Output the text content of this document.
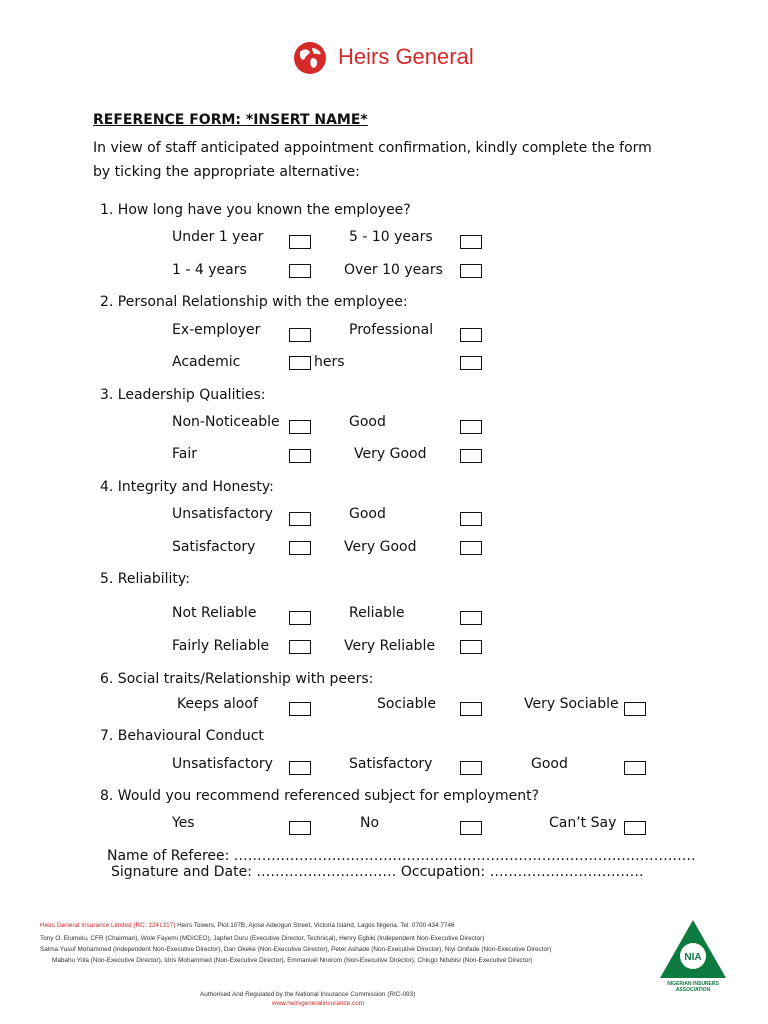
Heirs General
REFERENCE FORM: *INSERT NAME*
In view of staff anticipated appointment confirmation, kindly complete the form by ticking the appropriate alternative:
1. How long have you known the employee?
Under 1 year	5 - 10 years
1 - 4 years	Over 10 years
2. Personal Relationship with the employee:
Ex-employer	Professional
Academic	hers
3. Leadership Qualities:
Non-Noticeable	Good
Fair	Very Good
4. Integrity and Honesty:
Unsatisfactory	Good
Satisfactory	Very Good
5. Reliability:
Not Reliable	Reliable
Fairly Reliable	Very Reliable
6. Social traits/Relationship with peers:
Keeps aloof	Sociable	Very Sociable
7. Behavioural Conduct
Unsatisfactory	Satisfactory	Good
8. Would you recommend referenced subject for employment?
Yes	No	Can’t Say
Name of Referee: ………………………………………………………………………………………
Signature and Date: ………………………… Occupation: ……………………………
Heirs General Insurance Limited (RC: 1241317) Heirs Towers, Plot 107B, Ajose Adeogun Street, Victoria Island, Lagos Nigeria. Tel: 0700 434 7746
Tony O. Elumelu, CFR (Chairman), Wole Fayemi (MD/CEO), Japhet Duru (Executive Director, Technical), Henry Egbiki (Independent Non-Executive Director)
Salma Yusuf Mohammed (Independent Non-Executive Director), Dan Okeke (Non-Executive Director), Peter Ashade (Non-Executive Director), Niyi Onifade (Non-Executive Director)
Mabahu Yola (Non-Executive Director), Idris Mohammed (Non-Executive Director), Emmanuel Nnorom (Non-Executive Director), Chiugo Ndubisi (Non-Executive Director)
Authorised And Regulated by the National Insurance Commission (RIC-093)
www.heirsgeneralinsurance.com
NIA
NIGERIAN INSURERS ASSOCIATION
